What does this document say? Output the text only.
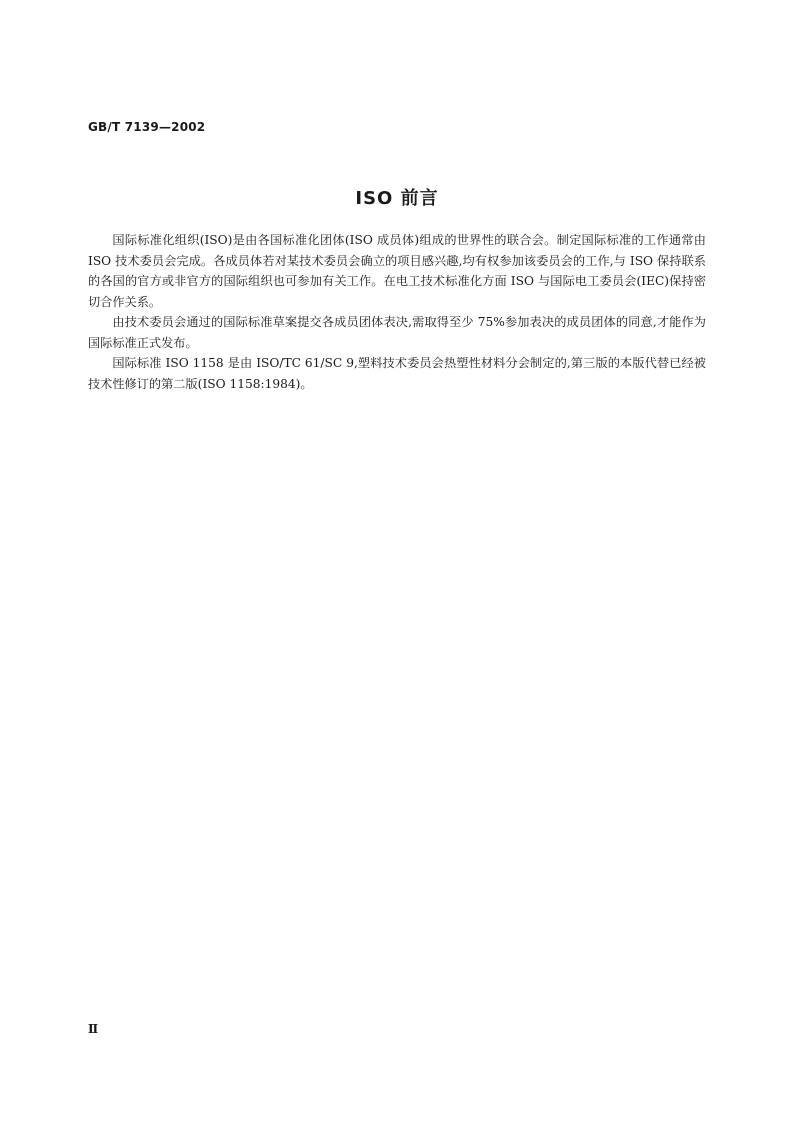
GB/T 7139—2002
ISO 前言

国际标准化组织(ISO)是由各国标准化团体(ISO 成员体)组成的世界性的联合会。制定国际标准的工作通常由 ISO 技术委员会完成。各成员体若对某技术委员会确立的项目感兴趣,均有权参加该委员会的工作,与 ISO 保持联系的各国的官方或非官方的国际组织也可参加有关工作。在电工技术标准化方面 ISO 与国际电工委员会(IEC)保持密切合作关系。

由技术委员会通过的国际标准草案提交各成员团体表决,需取得至少 75%参加表决的成员团体的同意,才能作为国际标准正式发布。

国际标准 ISO 1158 是由 ISO/TC 61/SC 9,塑料技术委员会热塑性材料分会制定的,第三版的本版代替已经被技术性修订的第二版(ISO 1158:1984)。

Ⅱ
